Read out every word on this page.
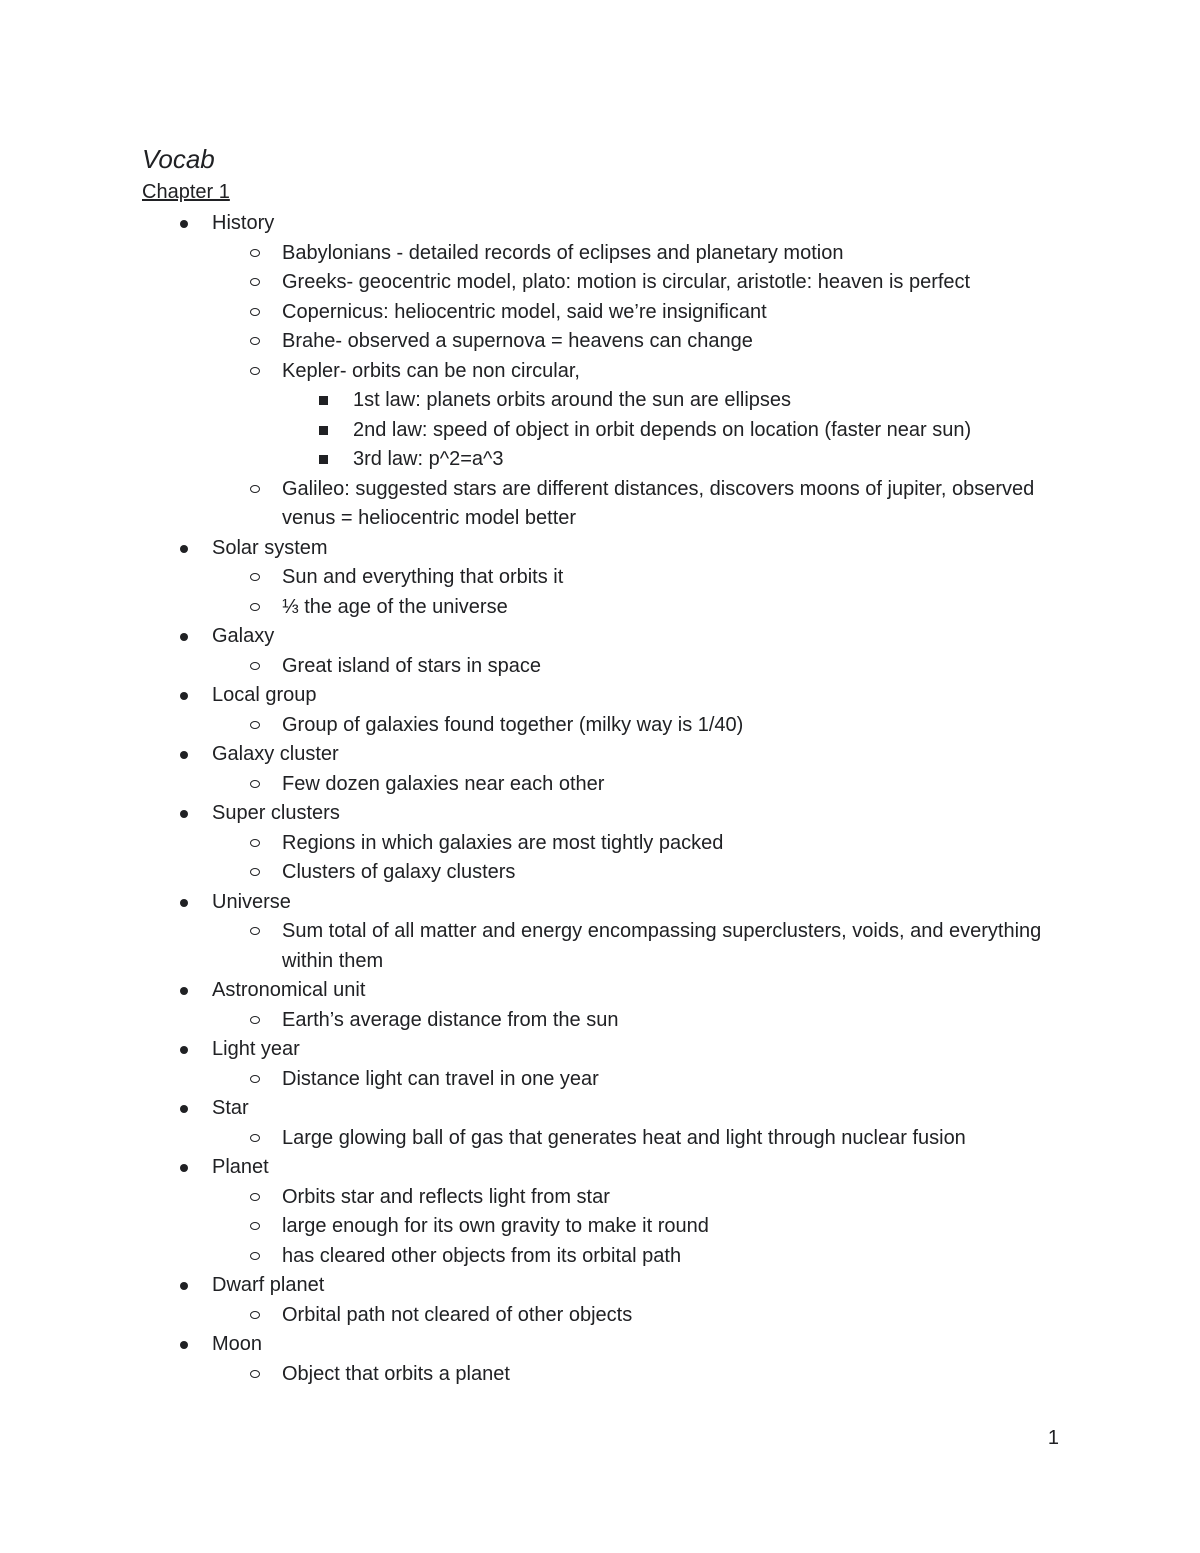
Vocab
Chapter 1
History
Babylonians - detailed records of eclipses and planetary motion
Greeks- geocentric model, plato: motion is circular, aristotle: heaven is perfect
Copernicus: heliocentric model, said we’re insignificant
Brahe- observed a supernova = heavens can change
Kepler- orbits can be non circular,
1st law: planets orbits around the sun are ellipses
2nd law: speed of object in orbit depends on location (faster near sun)
3rd law: p^2=a^3
Galileo: suggested stars are different distances, discovers moons of jupiter, observed venus = heliocentric model better
Solar system
Sun and everything that orbits it
⅓ the age of the universe
Galaxy
Great island of stars in space
Local group
Group of galaxies found together (milky way is 1/40)
Galaxy cluster
Few dozen galaxies near each other
Super clusters
Regions in which galaxies are most tightly packed
Clusters of galaxy clusters
Universe
Sum total of all matter and energy encompassing superclusters, voids, and everything within them
Astronomical unit
Earth’s average distance from the sun
Light year
Distance light can travel in one year
Star
Large glowing ball of gas that generates heat and light through nuclear fusion
Planet
Orbits star and reflects light from star
large enough for its own gravity to make it round
has cleared other objects from its orbital path
Dwarf planet
Orbital path not cleared of other objects
Moon
Object that orbits a planet
1
